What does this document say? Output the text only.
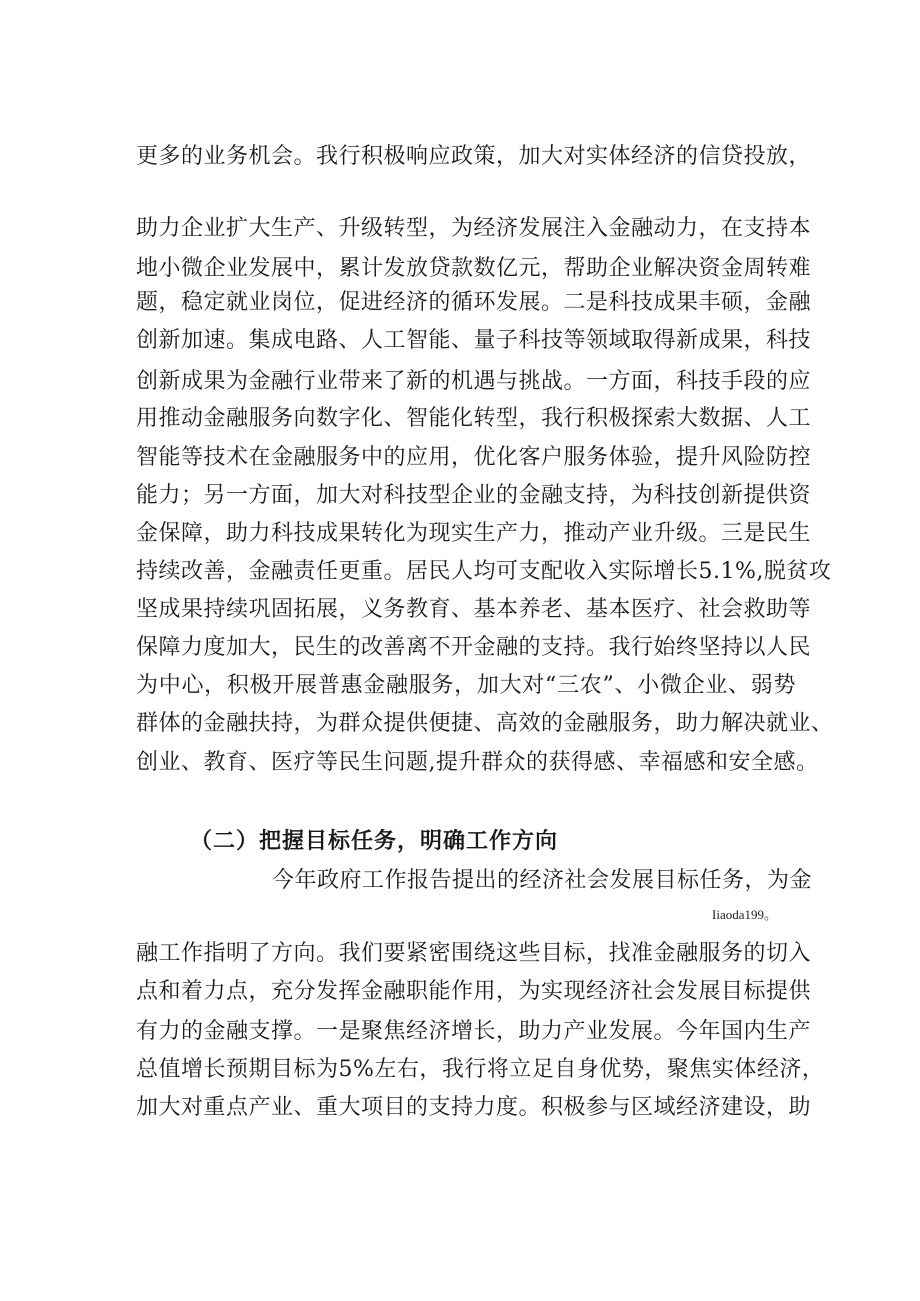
更多的业务机会。我行积极响应政策，加大对实体经济的信贷投放，
助力企业扩大生产、升级转型，为经济发展注入金融动力，在支持本
地小微企业发展中，累计发放贷款数亿元，帮助企业解决资金周转难
题，稳定就业岗位，促进经济的循环发展。二是科技成果丰硕，金融
创新加速。集成电路、人工智能、量子科技等领域取得新成果，科技
创新成果为金融行业带来了新的机遇与挑战。一方面，科技手段的应
用推动金融服务向数字化、智能化转型，我行积极探索大数据、人工
智能等技术在金融服务中的应用，优化客户服务体验，提升风险防控
能力；另一方面，加大对科技型企业的金融支持，为科技创新提供资
金保障，助力科技成果转化为现实生产力，推动产业升级。三是民生
持续改善，金融责任更重。居民人均可支配收入实际增长5.1%,脱贫攻
坚成果持续巩固拓展，义务教育、基本养老、基本医疗、社会救助等
保障力度加大，民生的改善离不开金融的支持。我行始终坚持以人民
为中心，积极开展普惠金融服务，加大对“三农”、小微企业、弱势
群体的金融扶持，为群众提供便捷、高效的金融服务，助力解决就业、
创业、教育、医疗等民生问题,提升群众的获得感、幸福感和安全感。
（二）把握目标任务，明确工作方向
今年政府工作报告提出的经济社会发展目标任务，为金
Iiaoda199。
融工作指明了方向。我们要紧密围绕这些目标，找准金融服务的切入
点和着力点，充分发挥金融职能作用，为实现经济社会发展目标提供
有力的金融支撑。一是聚焦经济增长，助力产业发展。今年国内生产
总值增长预期目标为5%左右，我行将立足自身优势，聚焦实体经济，
加大对重点产业、重大项目的支持力度。积极参与区域经济建设，助
